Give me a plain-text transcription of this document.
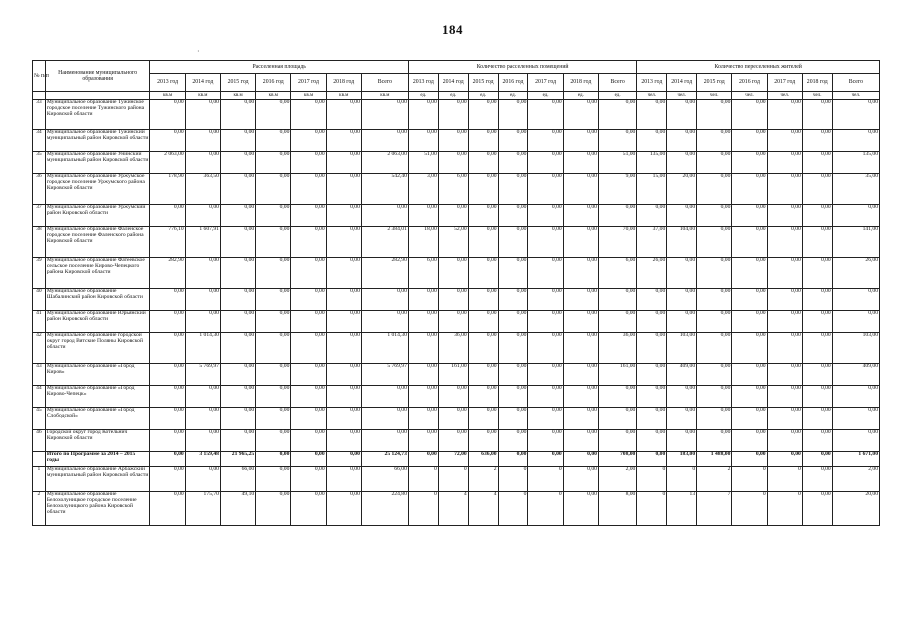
184
·
№ п/п	Наименование муниципального образования	Расселенная площадь							Количество расселенных помещений							Количество переселенных жителей						
		2013 год	2014 год	2015 год	2016 год	2017 год	2018 год	Всего	2013 год	2014 год	2015 год	2016 год	2017 год	2018 год	Всего	2013 год	2014 год	2015 год	2016 год	2017 год	2018 год	Всего
		кв.м	кв.м	кв.м	кв.м	кв.м	кв.м	кв.м	ед.	ед.	ед.	ед.	ед.	ед.	ед.	чел.	чел.	чел.	чел.	чел.	чел.	чел.
33	Муниципальное образование Тужинское городское поселение Тужинского района Кировской области	0,00	0,00	0,00	0,00	0,00	0,00	0,00	0,00	0,00	0,00	0,00	0,00	0,00	0,00	0,00	0,00	0,00	0,00	0,00	0,00	0,00
34	Муниципальное образование Тужинский муниципальный район Кировской области	0,00	0,00	0,00	0,00	0,00	0,00	0,00	0,00	0,00	0,00	0,00	0,00	0,00	0,00	0,00	0,00	0,00	0,00	0,00	0,00	0,00
35	Муниципальное образование Унинский муниципальный район Кировской области	2 063,00	0,00	0,00	0,00	0,00	0,00	2 063,00	51,00	0,00	0,00	0,00	0,00	0,00	51,00	135,00	0,00	0,00	0,00	0,00	0,00	135,00
36	Муниципальное образование Уржумское городское поселение Уржумского района Кировской области	178,90	363,50	0,00	0,00	0,00	0,00	542,40	3,00	6,00	0,00	0,00	0,00	0,00	9,00	15,00	20,00	0,00	0,00	0,00	0,00	35,00
37	Муниципальное образование Уржумский район Кировской области	0,00	0,00	0,00	0,00	0,00	0,00	0,00	0,00	0,00	0,00	0,00	0,00	0,00	0,00	0,00	0,00	0,00	0,00	0,00	0,00	0,00
38	Муниципальное образование Фаленское городское поселение Фаленского района Кировской области	776,10	1 607,91	0,00	0,00	0,00	0,00	2 384,01	18,00	52,00	0,00	0,00	0,00	0,00	70,00	37,00	104,00	0,00	0,00	0,00	0,00	141,00
39	Муниципальное образование Фатеевское сельское поселение Кирово-Чепецкого района Кировской области	282,90	0,00	0,00	0,00	0,00	0,00	282,90	6,00	0,00	0,00	0,00	0,00	0,00	6,00	26,00	0,00	0,00	0,00	0,00	0,00	26,00
40	Муниципальное образование Шабалинский район Кировской области	0,00	0,00	0,00	0,00	0,00	0,00	0,00	0,00	0,00	0,00	0,00	0,00	0,00	0,00	0,00	0,00	0,00	0,00	0,00	0,00	0,00
41	Муниципальное образование Юрьянский район Кировской области	0,00	0,00	0,00	0,00	0,00	0,00	0,00	0,00	0,00	0,00	0,00	0,00	0,00	0,00	0,00	0,00	0,00	0,00	0,00	0,00	0,00
42	Муниципальное образование городской округ город Вятские Поляны Кировской области	0,00	1 014,30	0,00	0,00	0,00	0,00	1 014,30	0,00	36,00	0,00	0,00	0,00	0,00	36,00	0,00	103,00	0,00	0,00	0,00	0,00	103,00
43	Муниципальное образование «Город Киров»	0,00	5 769,97	0,00	0,00	0,00	0,00	5 769,97	0,00	161,00	0,00	0,00	0,00	0,00	161,00	0,00	409,00	0,00	0,00	0,00	0,00	409,00
44	Муниципальное образование «Город Кирово-Чепецк»	0,00	0,00	0,00	0,00	0,00	0,00	0,00	0,00	0,00	0,00	0,00	0,00	0,00	0,00	0,00	0,00	0,00	0,00	0,00	0,00	0,00
45	Муниципальное образование «Город Слободской»	0,00	0,00	0,00	0,00	0,00	0,00	0,00	0,00	0,00	0,00	0,00	0,00	0,00	0,00	0,00	0,00	0,00	0,00	0,00	0,00	0,00
46	Городской округ город Котельнич Кировской области	0,00	0,00	0,00	0,00	0,00	0,00	0,00	0,00	0,00	0,00	0,00	0,00	0,00	0,00	0,00	0,00	0,00	0,00	0,00	0,00	0,00
	Итого по Программе за 2014 – 2015 годы	0,00	3 159,48	21 965,25	0,00	0,00	0,00	25 124,73	0,00	72,00	636,00	0,00	0,00	0,00	708,00	0,00	183,00	1 488,00	0,00	0,00	0,00	1 671,00
1	Муниципальное образование Арбажский муниципальный район Кировской области	0,00	0,00	66,00	0,00	0,00	0,00	66,00	0	0	2	0	0	0,00	2,00	0	0	2	0	0	0,00	2,00
2	Муниципальное образование Белохолуницкое городское поселение Белохолуницкого района Кировской области	0,00	175,70	49,10	0,00	0,00	0,00	224,80	0	4	4	0	0	0,00	8,00	0	13	7	0	0	0,00	20,00
